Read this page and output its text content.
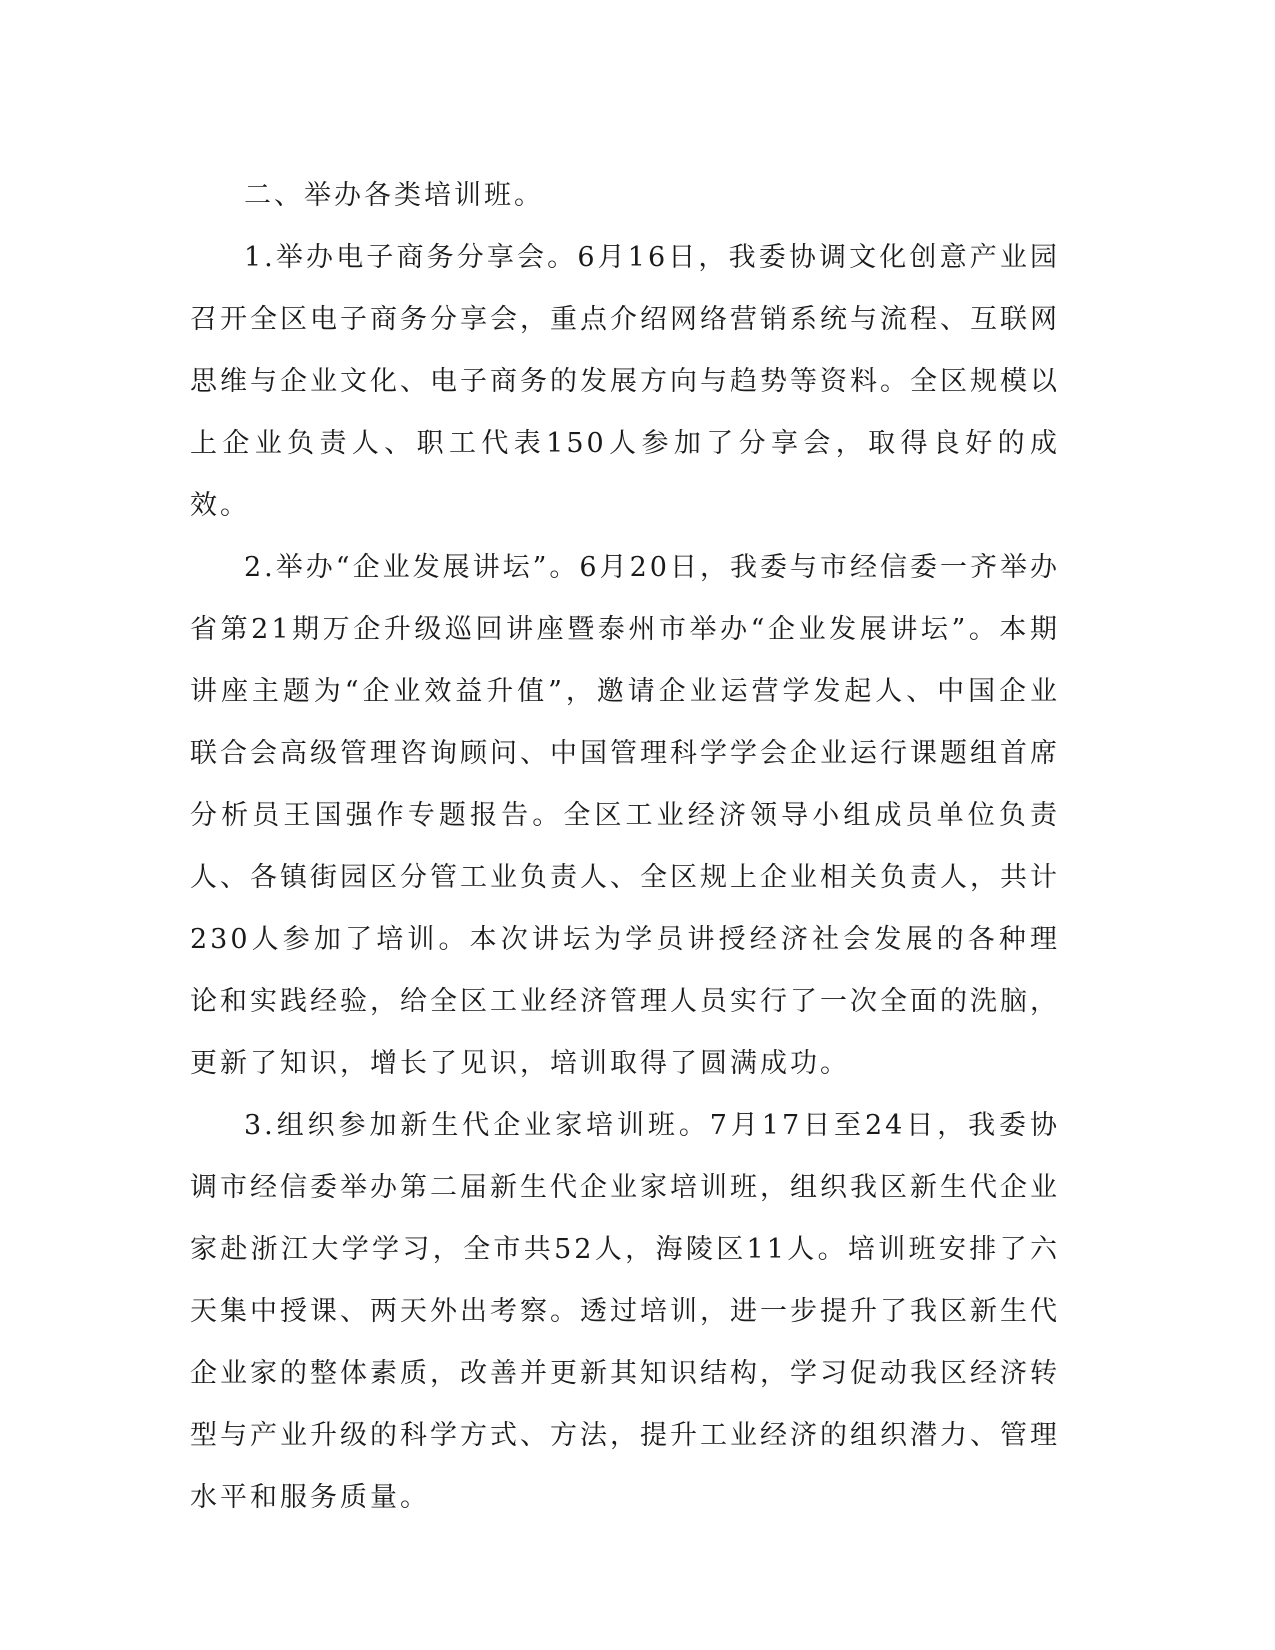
二、举办各类培训班。

1.举办电子商务分享会。6月16日，我委协调文化创意产业园召开全区电子商务分享会，重点介绍网络营销系统与流程、互联网思维与企业文化、电子商务的发展方向与趋势等资料。全区规模以上企业负责人、职工代表150人参加了分享会，取得良好的成效。

2.举办“企业发展讲坛”。6月20日，我委与市经信委一齐举办省第21期万企升级巡回讲座暨泰州市举办“企业发展讲坛”。本期讲座主题为“企业效益升值”，邀请企业运营学发起人、中国企业联合会高级管理咨询顾问、中国管理科学学会企业运行课题组首席分析员王国强作专题报告。全区工业经济领导小组成员单位负责人、各镇街园区分管工业负责人、全区规上企业相关负责人，共计230人参加了培训。本次讲坛为学员讲授经济社会发展的各种理论和实践经验，给全区工业经济管理人员实行了一次全面的洗脑，更新了知识，增长了见识，培训取得了圆满成功。

3.组织参加新生代企业家培训班。7月17日至24日，我委协调市经信委举办第二届新生代企业家培训班，组织我区新生代企业家赴浙江大学学习，全市共52人，海陵区11人。培训班安排了六天集中授课、两天外出考察。透过培训，进一步提升了我区新生代企业家的整体素质，改善并更新其知识结构，学习促动我区经济转型与产业升级的科学方式、方法，提升工业经济的组织潜力、管理水平和服务质量。
